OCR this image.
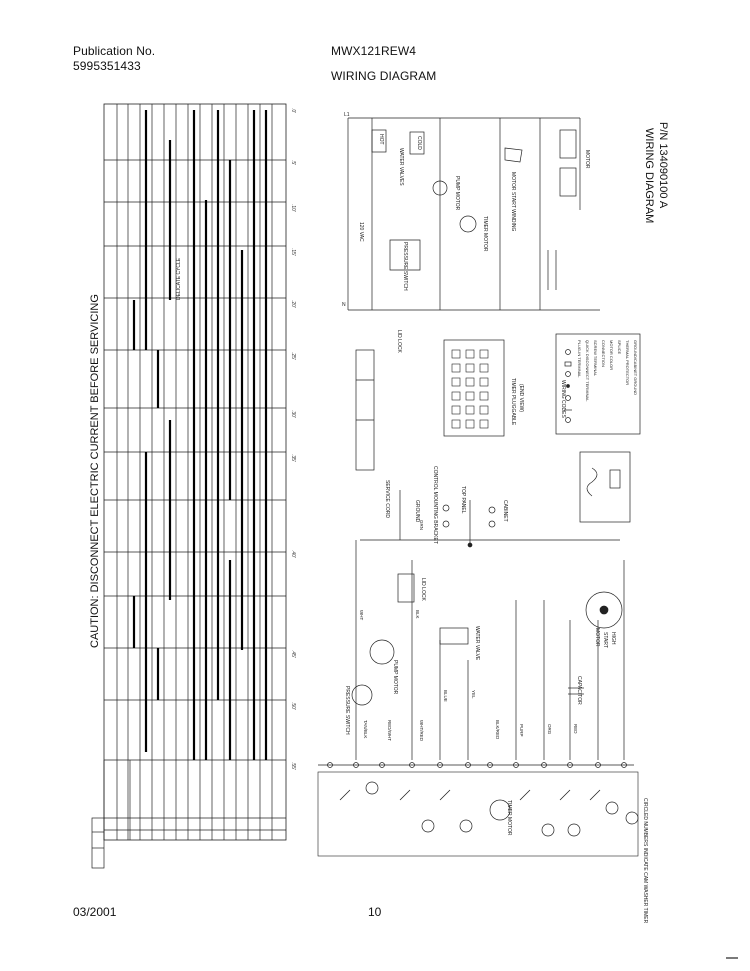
Publication No.
5995351433
MWX121REW4
WIRING DIAGRAM
.0'
.5'
.10'
.15'
.20'
.25'
.30'
.35'
.40'
.45'
.50'
.55'
CAUTION: DISCONNECT ELECTRIC CURRENT BEFORE SERVICING
DELICATE CYCLE
L1
N
120 VAC
WATER VALVES
HOT	COLD
PUMP MOTOR	MOTOR START WINDING
MOTOR
TIMER MOTOR
PRESSURE SWITCH
LID LOCK
WIRING DIAGRAM P/N 134090100 A
TIMER PLUGGABLE (END VIEW)	WIRING CODES
PLUG-IN TERMINAL QUICK DISCONNECT TERMINAL SCREW TERMINAL CONNECTION MOTOR COLOR SPLICE THERMAL PROTECTOR GROUND/CABINET GROUND
SERVICE CORD	CONTROL MOUNTING BRACKET	TOP PANEL	CABINET
GROUND
MOTOR START HIGH
CAPACITOR
PUMP MOTOR
WATER VALVE
PRESSURE SWITCH
LID LOCK
TIMER MOTOR	CIRCLED NUMBERS INDICATE CAM WASHER TIMER
WHT	BLK
GRN
RED
ORG
BLUE	YEL
PURP
RED/WHT	WHT/RED	BLK/RED
TAN/BLK
03/2001	10
